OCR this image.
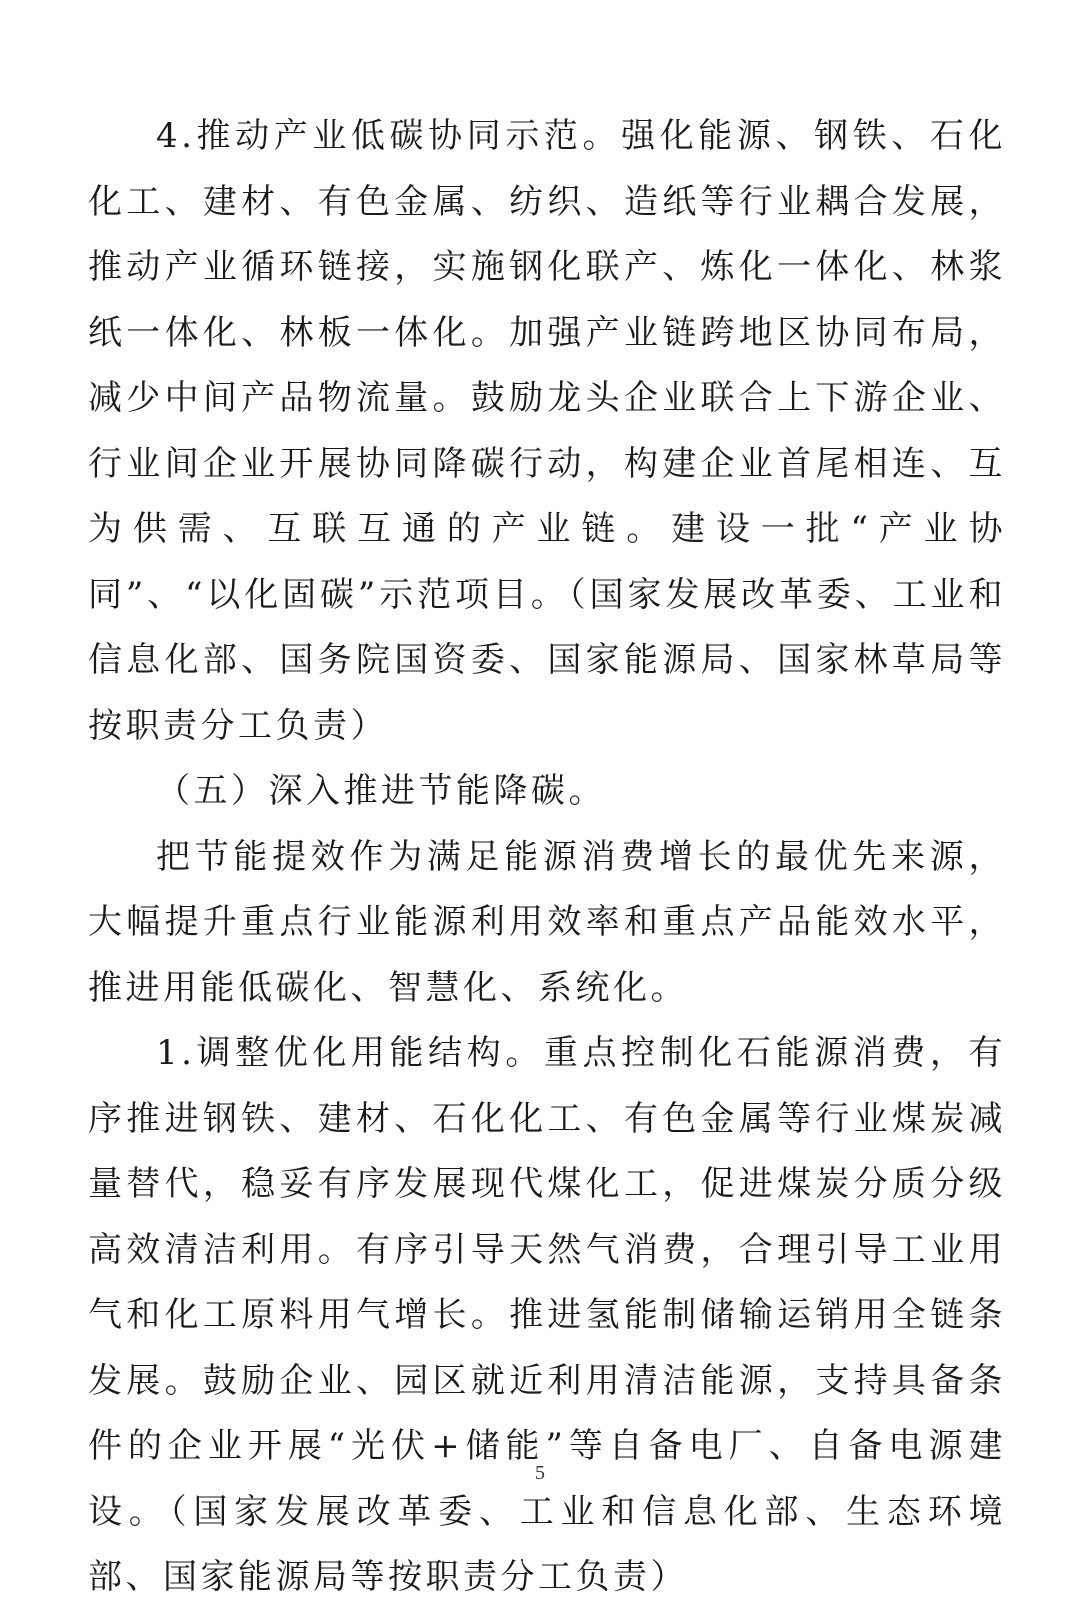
4.推动产业低碳协同示范。强化能源、钢铁、石化化工、建材、有色金属、纺织、造纸等行业耦合发展，推动产业循环链接，实施钢化联产、炼化一体化、林浆纸一体化、林板一体化。加强产业链跨地区协同布局，减少中间产品物流量。鼓励龙头企业联合上下游企业、行业间企业开展协同降碳行动，构建企业首尾相连、互为供需、互联互通的产业链。建设一批“产业协同”、“以化固碳”示范项目。（国家发展改革委、工业和信息化部、国务院国资委、国家能源局、国家林草局等按职责分工负责）

（五）深入推进节能降碳。

把节能提效作为满足能源消费增长的最优先来源，大幅提升重点行业能源利用效率和重点产品能效水平，推进用能低碳化、智慧化、系统化。

1.调整优化用能结构。重点控制化石能源消费，有序推进钢铁、建材、石化化工、有色金属等行业煤炭减量替代，稳妥有序发展现代煤化工，促进煤炭分质分级高效清洁利用。有序引导天然气消费，合理引导工业用气和化工原料用气增长。推进氢能制储输运销用全链条发展。鼓励企业、园区就近利用清洁能源，支持具备条件的企业开展“光伏+储能”等自备电厂、自备电源建设。（国家发展改革委、工业和信息化部、生态环境部、国家能源局等按职责分工负责）

5
